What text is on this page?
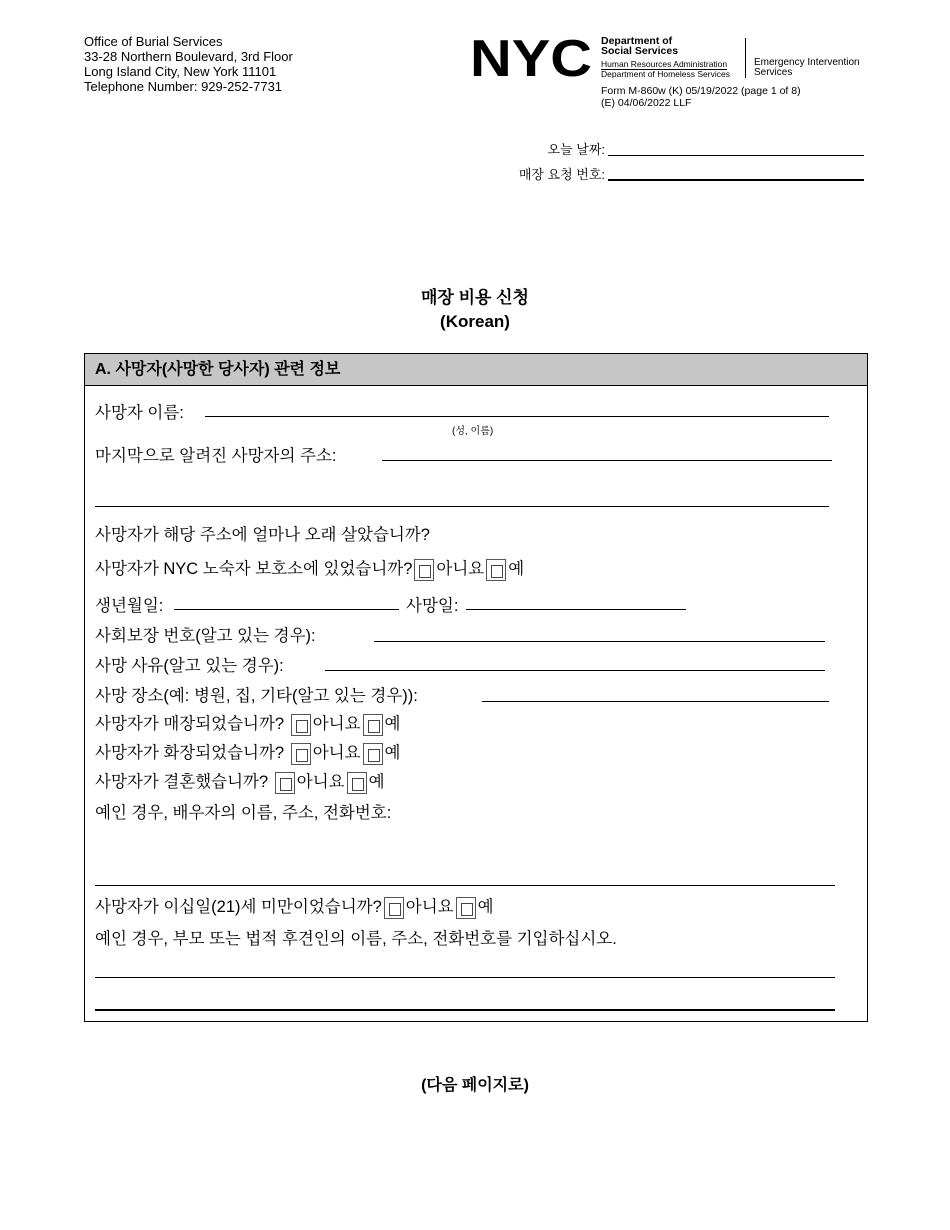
Office of Burial Services
33-28 Northern Boulevard, 3rd Floor
Long Island City, New York 11101
Telephone Number: 929-252-7731	NYC Department of
Social Services
Human Resources Administration
Department of Homeless Services
Emergency Intervention
Services
Form M-860w (K) 05/19/2022 (page 1 of 8)
(E) 04/06/2022 LLF
오늘 날짜:
매장 요청 번호:
매장 비용 신청
(Korean)
A. 사망자(사망한 당사자) 관련 정보
사망자 이름:
(성, 이름)
마지막으로 알려진 사망자의 주소:
사망자가 해당 주소에 얼마나 오래 살았습니까?
사망자가 NYC 노숙자 보호소에 있었습니까? 아니요 예
생년월일:	사망일:
사회보장 번호(알고 있는 경우):
사망 사유(알고 있는 경우):
사망 장소(예: 병원, 집, 기타(알고 있는 경우)):
사망자가 매장되었습니까? 아니요 예
사망자가 화장되었습니까? 아니요 예
사망자가 결혼했습니까? 아니요 예
예인 경우, 배우자의 이름, 주소, 전화번호:
사망자가 이십일(21)세 미만이었습니까? 아니요 예
예인 경우, 부모 또는 법적 후견인의 이름, 주소, 전화번호를 기입하십시오.
(다음 페이지로)
